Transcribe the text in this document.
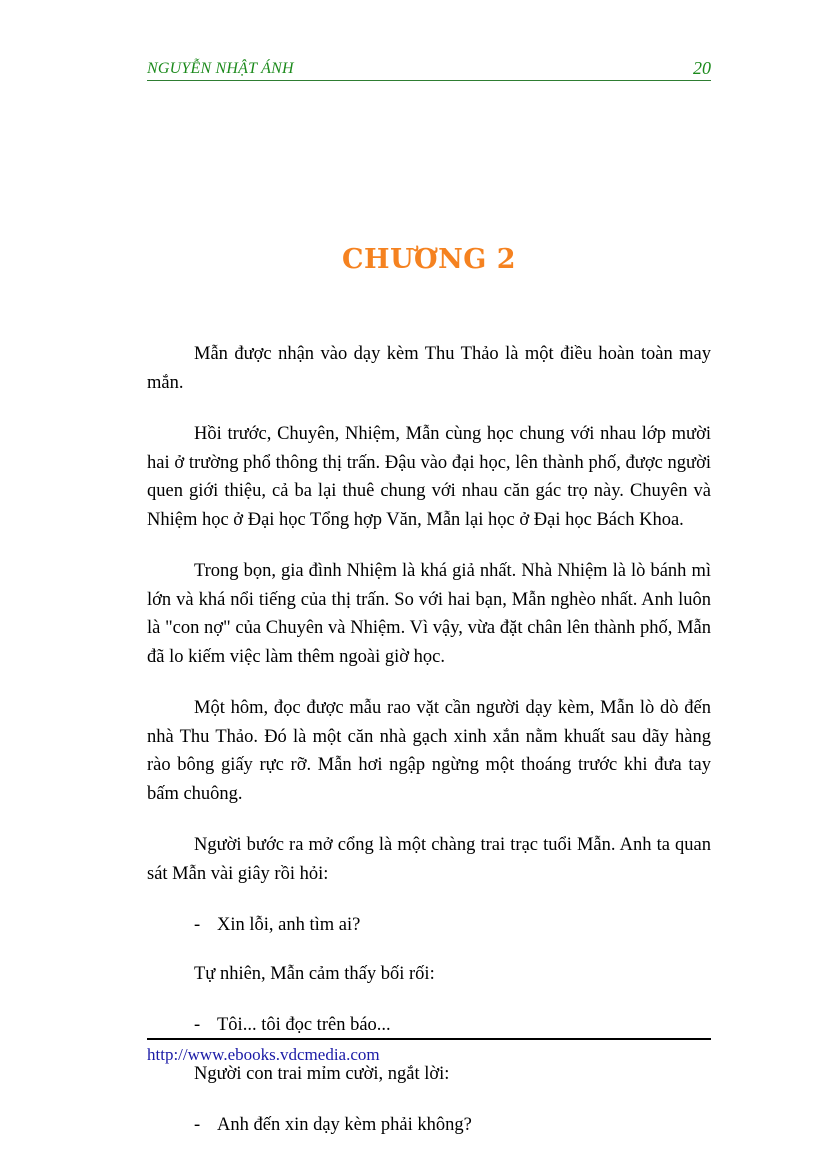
NGUYỄN NHẬT ÁNH	20
CHƯƠNG 2

Mẫn được nhận vào dạy kèm Thu Thảo là một điều hoàn toàn may mắn.

Hồi trước, Chuyên, Nhiệm, Mẫn cùng học chung với nhau lớp mười hai ở trường phổ thông thị trấn. Đậu vào đại học, lên thành phố, được người quen giới thiệu, cả ba lại thuê chung với nhau căn gác trọ này. Chuyên và Nhiệm học ở Đại học Tổng hợp Văn, Mẫn lại học ở Đại học Bách Khoa.

Trong bọn, gia đình Nhiệm là khá giả nhất. Nhà Nhiệm là lò bánh mì lớn và khá nổi tiếng của thị trấn. So với hai bạn, Mẫn nghèo nhất. Anh luôn là "con nợ" của Chuyên và Nhiệm. Vì vậy, vừa đặt chân lên thành phố, Mẫn đã lo kiếm việc làm thêm ngoài giờ học.

Một hôm, đọc được mẫu rao vặt cần người dạy kèm, Mẫn lò dò đến nhà Thu Thảo. Đó là một căn nhà gạch xinh xắn nằm khuất sau dãy hàng rào bông giấy rực rỡ. Mẫn hơi ngập ngừng một thoáng trước khi đưa tay bấm chuông.

Người bước ra mở cổng là một chàng trai trạc tuổi Mẫn. Anh ta quan sát Mẫn vài giây rồi hỏi:

- Xin lỗi, anh tìm ai?

Tự nhiên, Mẫn cảm thấy bối rối:

- Tôi... tôi đọc trên báo...

Người con trai mỉm cười, ngắt lời:

- Anh đến xin dạy kèm phải không?

http://www.ebooks.vdcmedia.com
